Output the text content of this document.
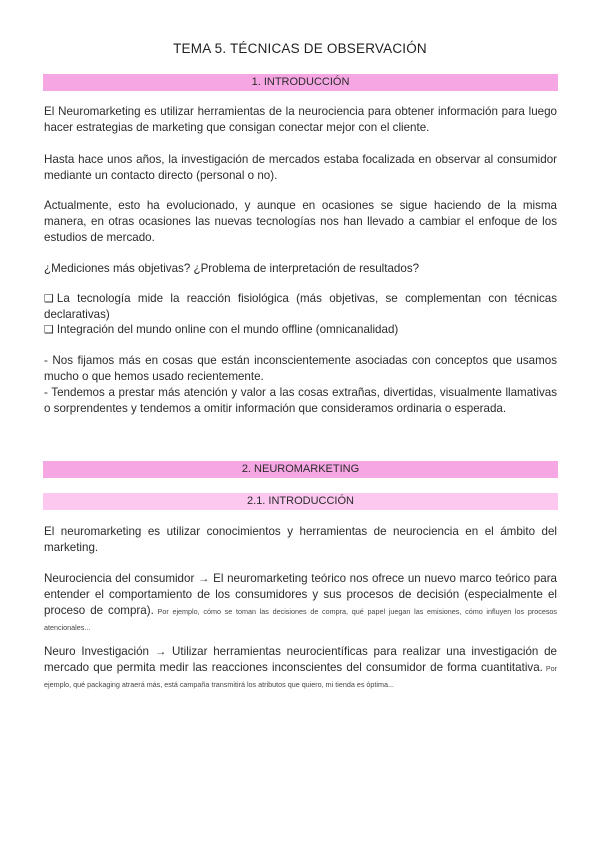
TEMA 5. TÉCNICAS DE OBSERVACIÓN
1. INTRODUCCIÓN
El Neuromarketing es utilizar herramientas de la neurociencia para obtener información para luego hacer estrategias de marketing que consigan conectar mejor con el cliente.
Hasta hace unos años, la investigación de mercados estaba focalizada en observar al consumidor mediante un contacto directo (personal o no).
Actualmente, esto ha evolucionado, y aunque en ocasiones se sigue haciendo de la misma manera, en otras ocasiones las nuevas tecnologías nos han llevado a cambiar el enfoque de los estudios de mercado.
¿Mediciones más objetivas? ¿Problema de interpretación de resultados?
❑ La tecnología mide la reacción fisiológica (más objetivas, se complementan con técnicas declarativas)
❑ Integración del mundo online con el mundo offline (omnicanalidad)
- Nos fijamos más en cosas que están inconscientemente asociadas con conceptos que usamos mucho o que hemos usado recientemente.
- Tendemos a prestar más atención y valor a las cosas extrañas, divertidas, visualmente llamativas o sorprendentes y tendemos a omitir información que consideramos ordinaria o esperada.
2. NEUROMARKETING
2.1. INTRODUCCIÓN
El neuromarketing es utilizar conocimientos y herramientas de neurociencia en el ámbito del marketing.
Neurociencia del consumidor → El neuromarketing teórico nos ofrece un nuevo marco teórico para entender el comportamiento de los consumidores y sus procesos de decisión (especialmente el proceso de compra). Por ejemplo, cómo se toman las decisiones de compra, qué papel juegan las emisiones, cómo influyen los procesos atencionales...
Neuro Investigación → Utilizar herramientas neurocientíficas para realizar una investigación de mercado que permita medir las reacciones inconscientes del consumidor de forma cuantitativa. Por ejemplo, qué packaging atraerá más, está campaña transmitirá los atributos que quiero, mi tienda es óptima...
